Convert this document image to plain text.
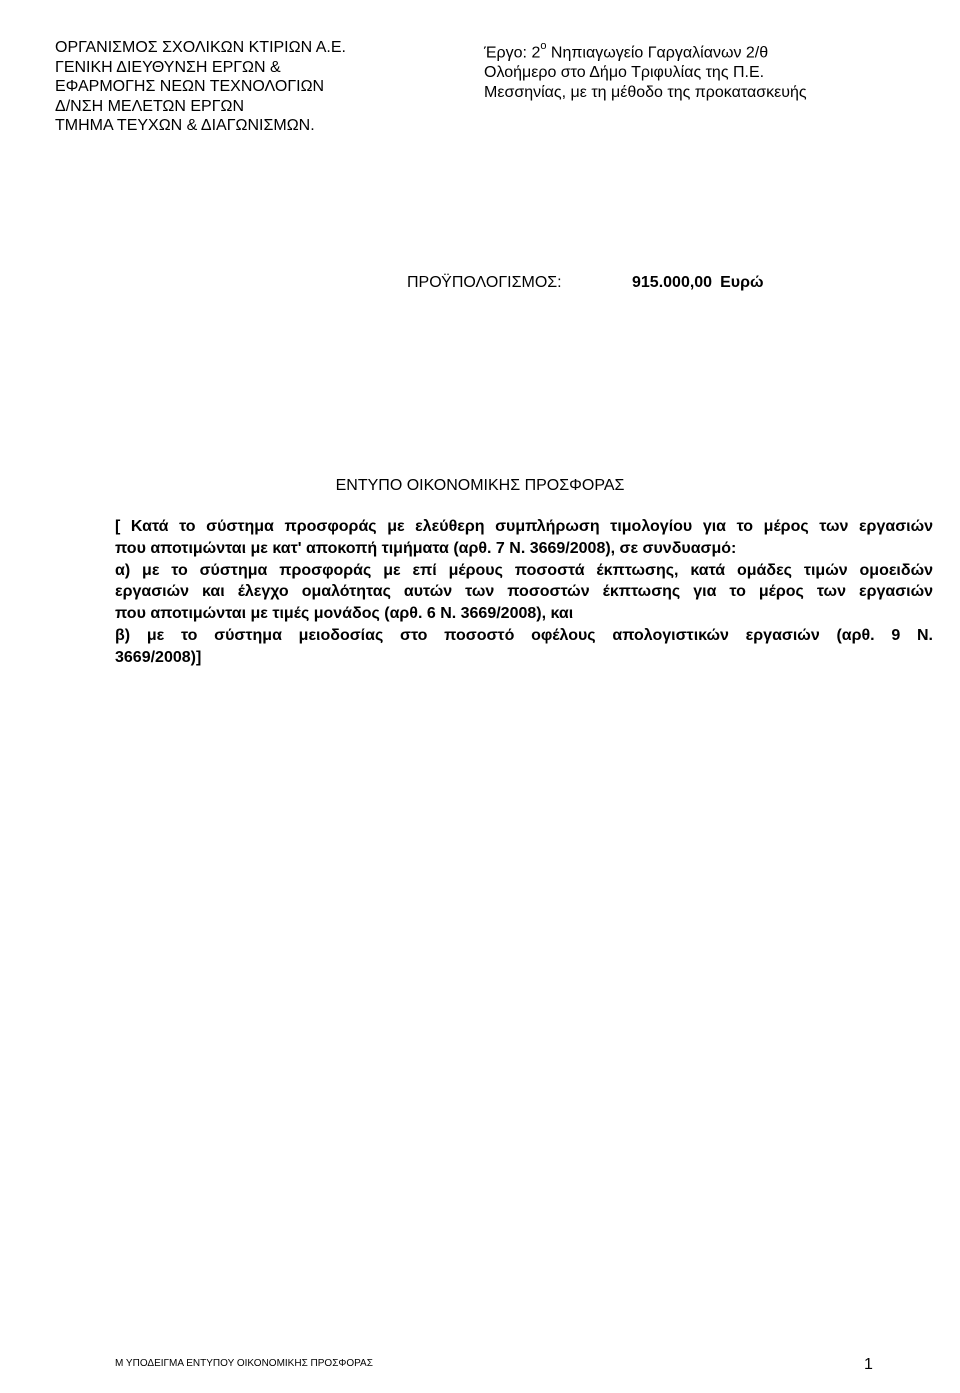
ΟΡΓΑΝΙΣΜΟΣ ΣΧΟΛΙΚΩΝ ΚΤΙΡΙΩΝ Α.Ε.
ΓΕΝΙΚΗ ΔΙΕΥΘΥΝΣΗ ΕΡΓΩΝ &
ΕΦΑΡΜΟΓΗΣ ΝΕΩΝ ΤΕΧΝΟΛΟΓΙΩΝ
Δ/ΝΣΗ ΜΕΛΕΤΩΝ ΕΡΓΩΝ
ΤΜΗΜΑ ΤΕΥΧΩΝ & ΔΙΑΓΩΝΙΣΜΩΝ.
Έργο: $2^o$ Νηπιαγωγείο Γαργαλίανων 2/θ
Ολοήμερο στο Δήμο Τριφυλίας της Π.Ε.
Μεσσηνίας, με τη μέθοδο της προκατασκευής
ΠΡΟΫΠΟΛΟΓΙΣΜΟΣ:	915.000,00 Ευρώ
ΕΝΤΥΠΟ ΟΙΚΟΝΟΜΙΚΗΣ ΠΡΟΣΦΟΡΑΣ
[ Κατά το σύστημα προσφοράς με ελεύθερη συμπλήρωση τιμολογίου για το μέρος των εργασιών
που αποτιμώνται με κατ' αποκοπή τιμήματα (αρθ. 7 Ν. 3669/2008), σε συνδυασμό:
α) με το σύστημα προσφοράς με επί μέρους ποσοστά έκπτωσης, κατά ομάδες τιμών ομοειδών
εργασιών και έλεγχο ομαλότητας αυτών των ποσοστών έκπτωσης για το μέρος των εργασιών
που αποτιμώνται με τιμές μονάδος (αρθ. 6 Ν. 3669/2008), και
β) με το σύστημα μειοδοσίας στο ποσοστό οφέλους απολογιστικών εργασιών (αρθ. 9 Ν.
3669/2008)]
Μ ΥΠΟΔΕΙΓΜΑ ΕΝΤΥΠΟΥ ΟΙΚΟΝΟΜΙΚΗΣ ΠΡΟΣΦΟΡΑΣ	1
